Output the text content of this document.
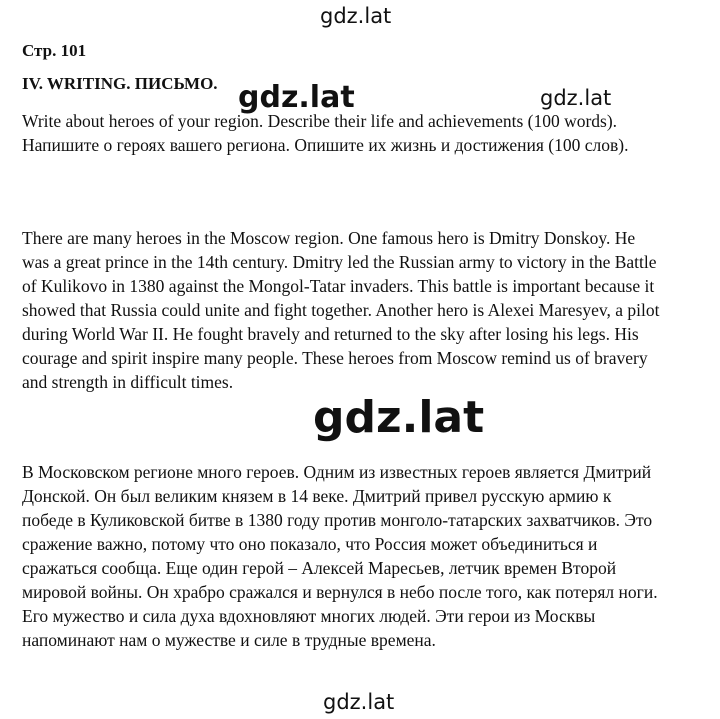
gdz.lat
Стр. 101
IV. WRITING. ПИСЬМО. gdz.lat	gdz.lat

Write about heroes of your region. Describe their life and achievements (100 words). Напишите о героях вашего региона. Опишите их жизнь и достижения (100 слов).

There are many heroes in the Moscow region. One famous hero is Dmitry Donskoy. He was a great prince in the 14th century. Dmitry led the Russian army to victory in the Battle of Kulikovo in 1380 against the Mongol-Tatar invaders. This battle is important because it showed that Russia could unite and fight together. Another hero is Alexei Maresyev, a pilot during World War II. He fought bravely and returned to the sky after losing his legs. His courage and spirit inspire many people. These heroes from Moscow remind us of bravery and strength in difficult times.

gdz.lat

В Московском регионе много героев. Одним из известных героев является Дмитрий Донской. Он был великим князем в 14 веке. Дмитрий привел русскую армию к победе в Куликовской битве в 1380 году против монголо-татарских захватчиков. Это сражение важно, потому что оно показало, что Россия может объединиться и сражаться сообща. Еще один герой – Алексей Маресьев, летчик времен Второй мировой войны. Он храбро сражался и вернулся в небо после того, как потерял ноги. Его мужество и сила духа вдохновляют многих людей. Эти герои из Москвы напоминают нам о мужестве и силе в трудные времена.

gdz.lat
